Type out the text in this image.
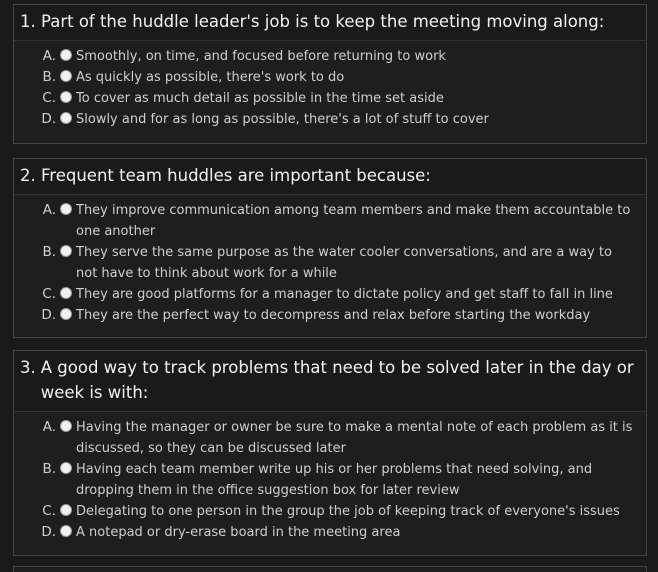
1. Part of the huddle leader's job is to keep the meeting moving along:
A. Smoothly, on time, and focused before returning to work
B. As quickly as possible, there's work to do
C. To cover as much detail as possible in the time set aside
D. Slowly and for as long as possible, there's a lot of stuff to cover
2. Frequent team huddles are important because:
A. They improve communication among team members and make them accountable to one another
B. They serve the same purpose as the water cooler conversations, and are a way to not have to think about work for a while
C. They are good platforms for a manager to dictate policy and get staff to fall in line
D. They are the perfect way to decompress and relax before starting the workday
3. A good way to track problems that need to be solved later in the day or week is with:
A. Having the manager or owner be sure to make a mental note of each problem as it is discussed, so they can be discussed later
B. Having each team member write up his or her problems that need solving, and dropping them in the office suggestion box for later review
C. Delegating to one person in the group the job of keeping track of everyone's issues
D. A notepad or dry-erase board in the meeting area
